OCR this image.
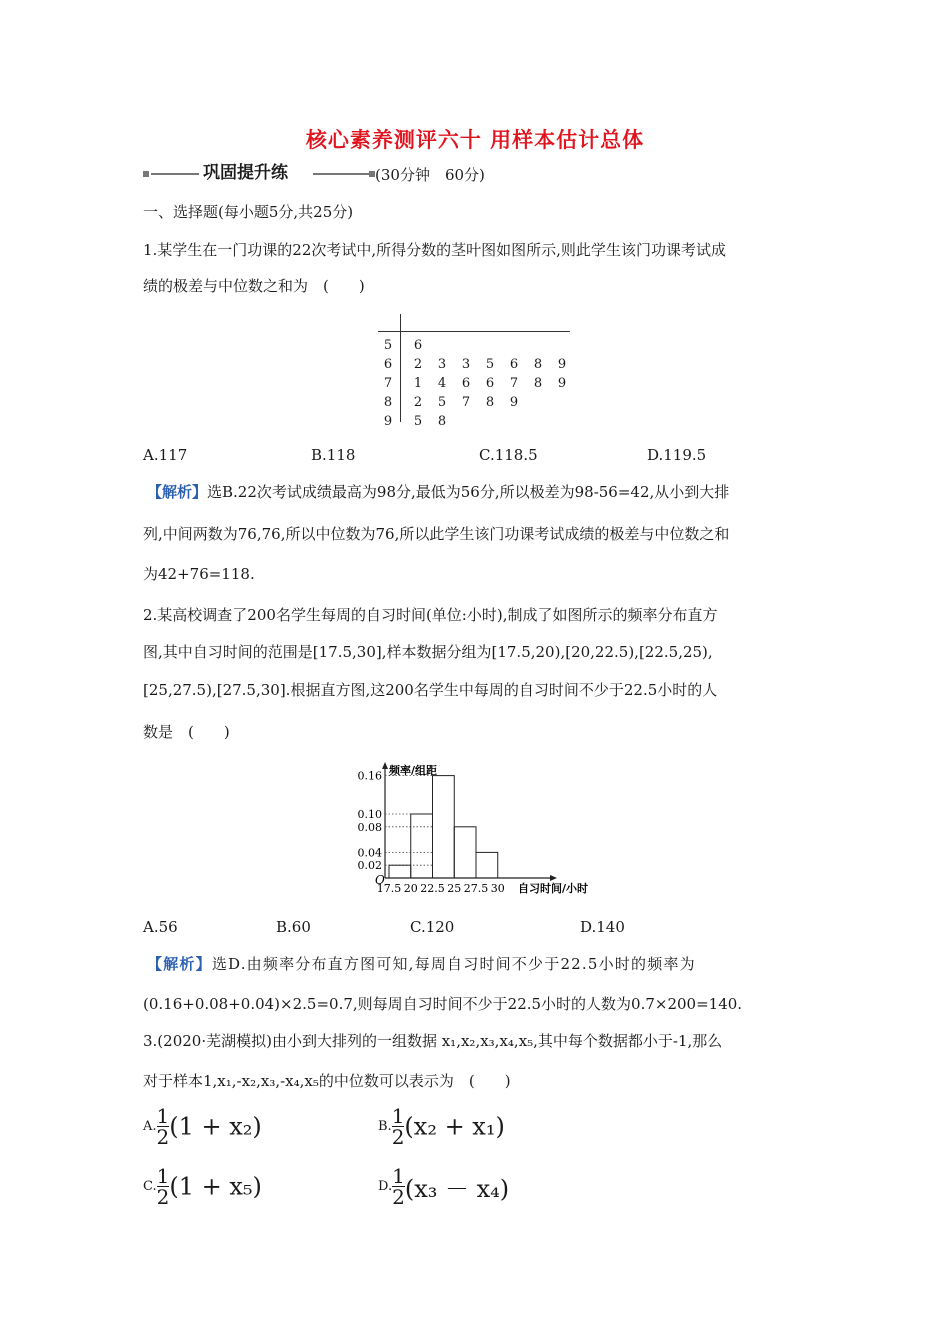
核心素养测评六十 用样本估计总体
巩固提升练	(30分钟　60分)
一、选择题(每小题5分,共25分)
1.某学生在一门功课的22次考试中,所得分数的茎叶图如图所示,则此学生该门功课考试成
绩的极差与中位数之和为　(　　)
5		6						
6		2	3	3	5	6	8	9
7		1	4	6	6	7	8	9
8		2	5	7	8	9		
9		5	8					
A.117	B.118	C.118.5	D.119.5
【解析】选B.22次考试成绩最高为98分,最低为56分,所以极差为98-56=42,从小到大排
列,中间两数为76,76,所以中位数为76,所以此学生该门功课考试成绩的极差与中位数之和
为42+76=118.
2.某高校调查了200名学生每周的自习时间(单位:小时),制成了如图所示的频率分布直方
图,其中自习时间的范围是[17.5,30],样本数据分组为[17.5,20),[20,22.5),[22.5,25),
[25,27.5),[27.5,30].根据直方图,这200名学生中每周的自习时间不少于22.5小时的人
数是　(　　)
0.02
0.04
0.08
0.10
0.16
17.5 20 22.5 25 27.5 30
O
频率/组距
自习时间/小时
A.56	B.60	C.120	D.140
【解析】选D.由频率分布直方图可知,每周自习时间不少于22.5小时的频率为
(0.16+0.08+0.04)×2.5=0.7,则每周自习时间不少于22.5小时的人数为0.7×200=140.
3.(2020·芜湖模拟)由小到大排列的一组数据 x₁,x₂,x₃,x₄,x₅,其中每个数据都小于-1,那么
对于样本1,x₁,-x₂,x₃,-x₄,x₅的中位数可以表示为　(　　)
A. $\frac{1}{2} (1 + x_2)$	B. $\frac{1}{2} (x_2 + x_1)$
C. $\frac{1}{2} (1 + x_5)$	D. $\frac{1}{2} (x_3 - x_4)$
